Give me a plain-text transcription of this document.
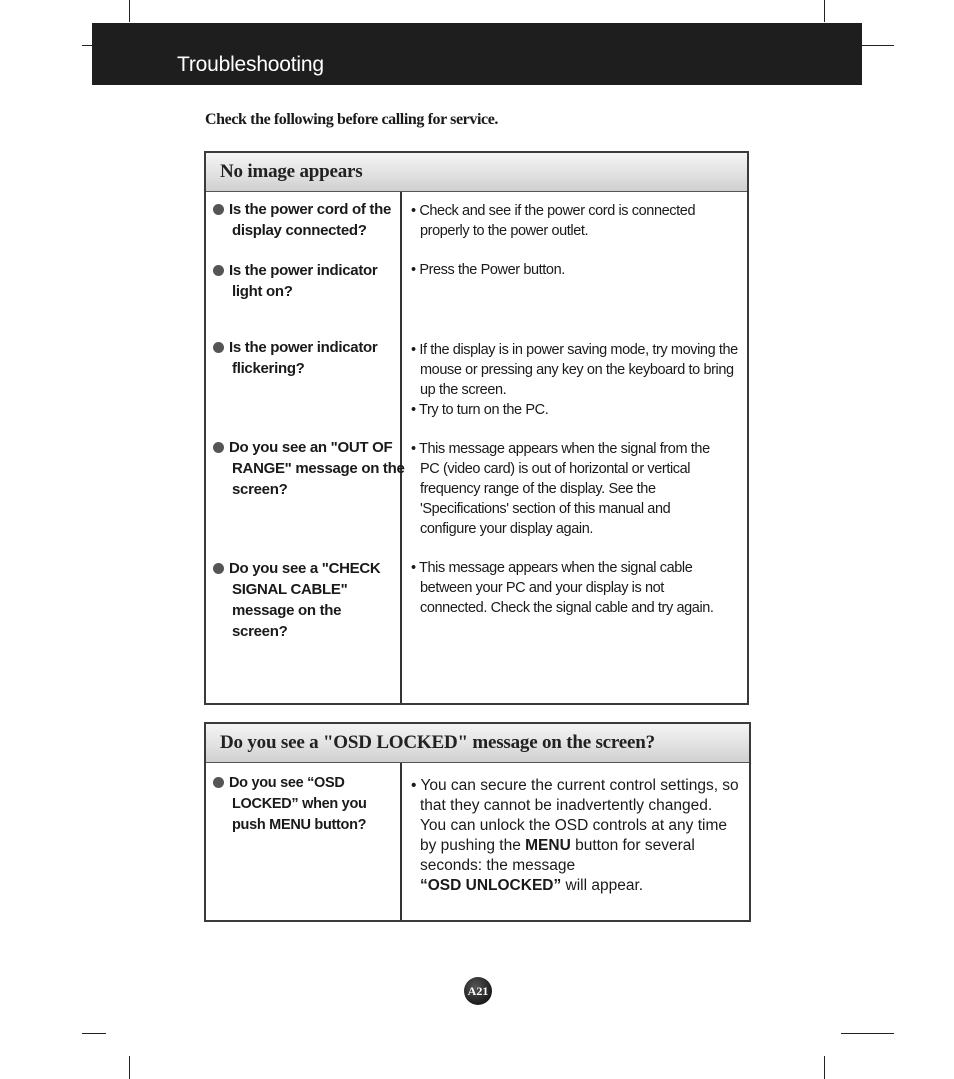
Troubleshooting
Check the following before calling for service.
No image appears
Is the power cord of the display connected?

• Check and see if the power cord is connected properly to the power outlet.

Is the power indicator light on?

• Press the Power button.

Is the power indicator flickering?

• If the display is in power saving mode, try moving the mouse or pressing any key on the keyboard to bring up the screen.

• Try to turn on the PC.

Do you see an "OUT OF RANGE" message on the screen?

• This message appears when the signal from the PC (video card) is out of horizontal or vertical frequency range of the display. See the 'Specifications' section of this manual and configure your display again.

Do you see a "CHECK SIGNAL CABLE" message on the screen?

• This message appears when the signal cable between your PC and your display is not connected. Check the signal cable and try again.

Do you see a "OSD LOCKED" message on the screen?
Do you see “OSD LOCKED” when you push MENU button?

• You can secure the current control settings, so that they cannot be inadvertently changed. You can unlock the OSD controls at any time by pushing the MENU button for several seconds: the message
“OSD UNLOCKED” will appear.

A21
